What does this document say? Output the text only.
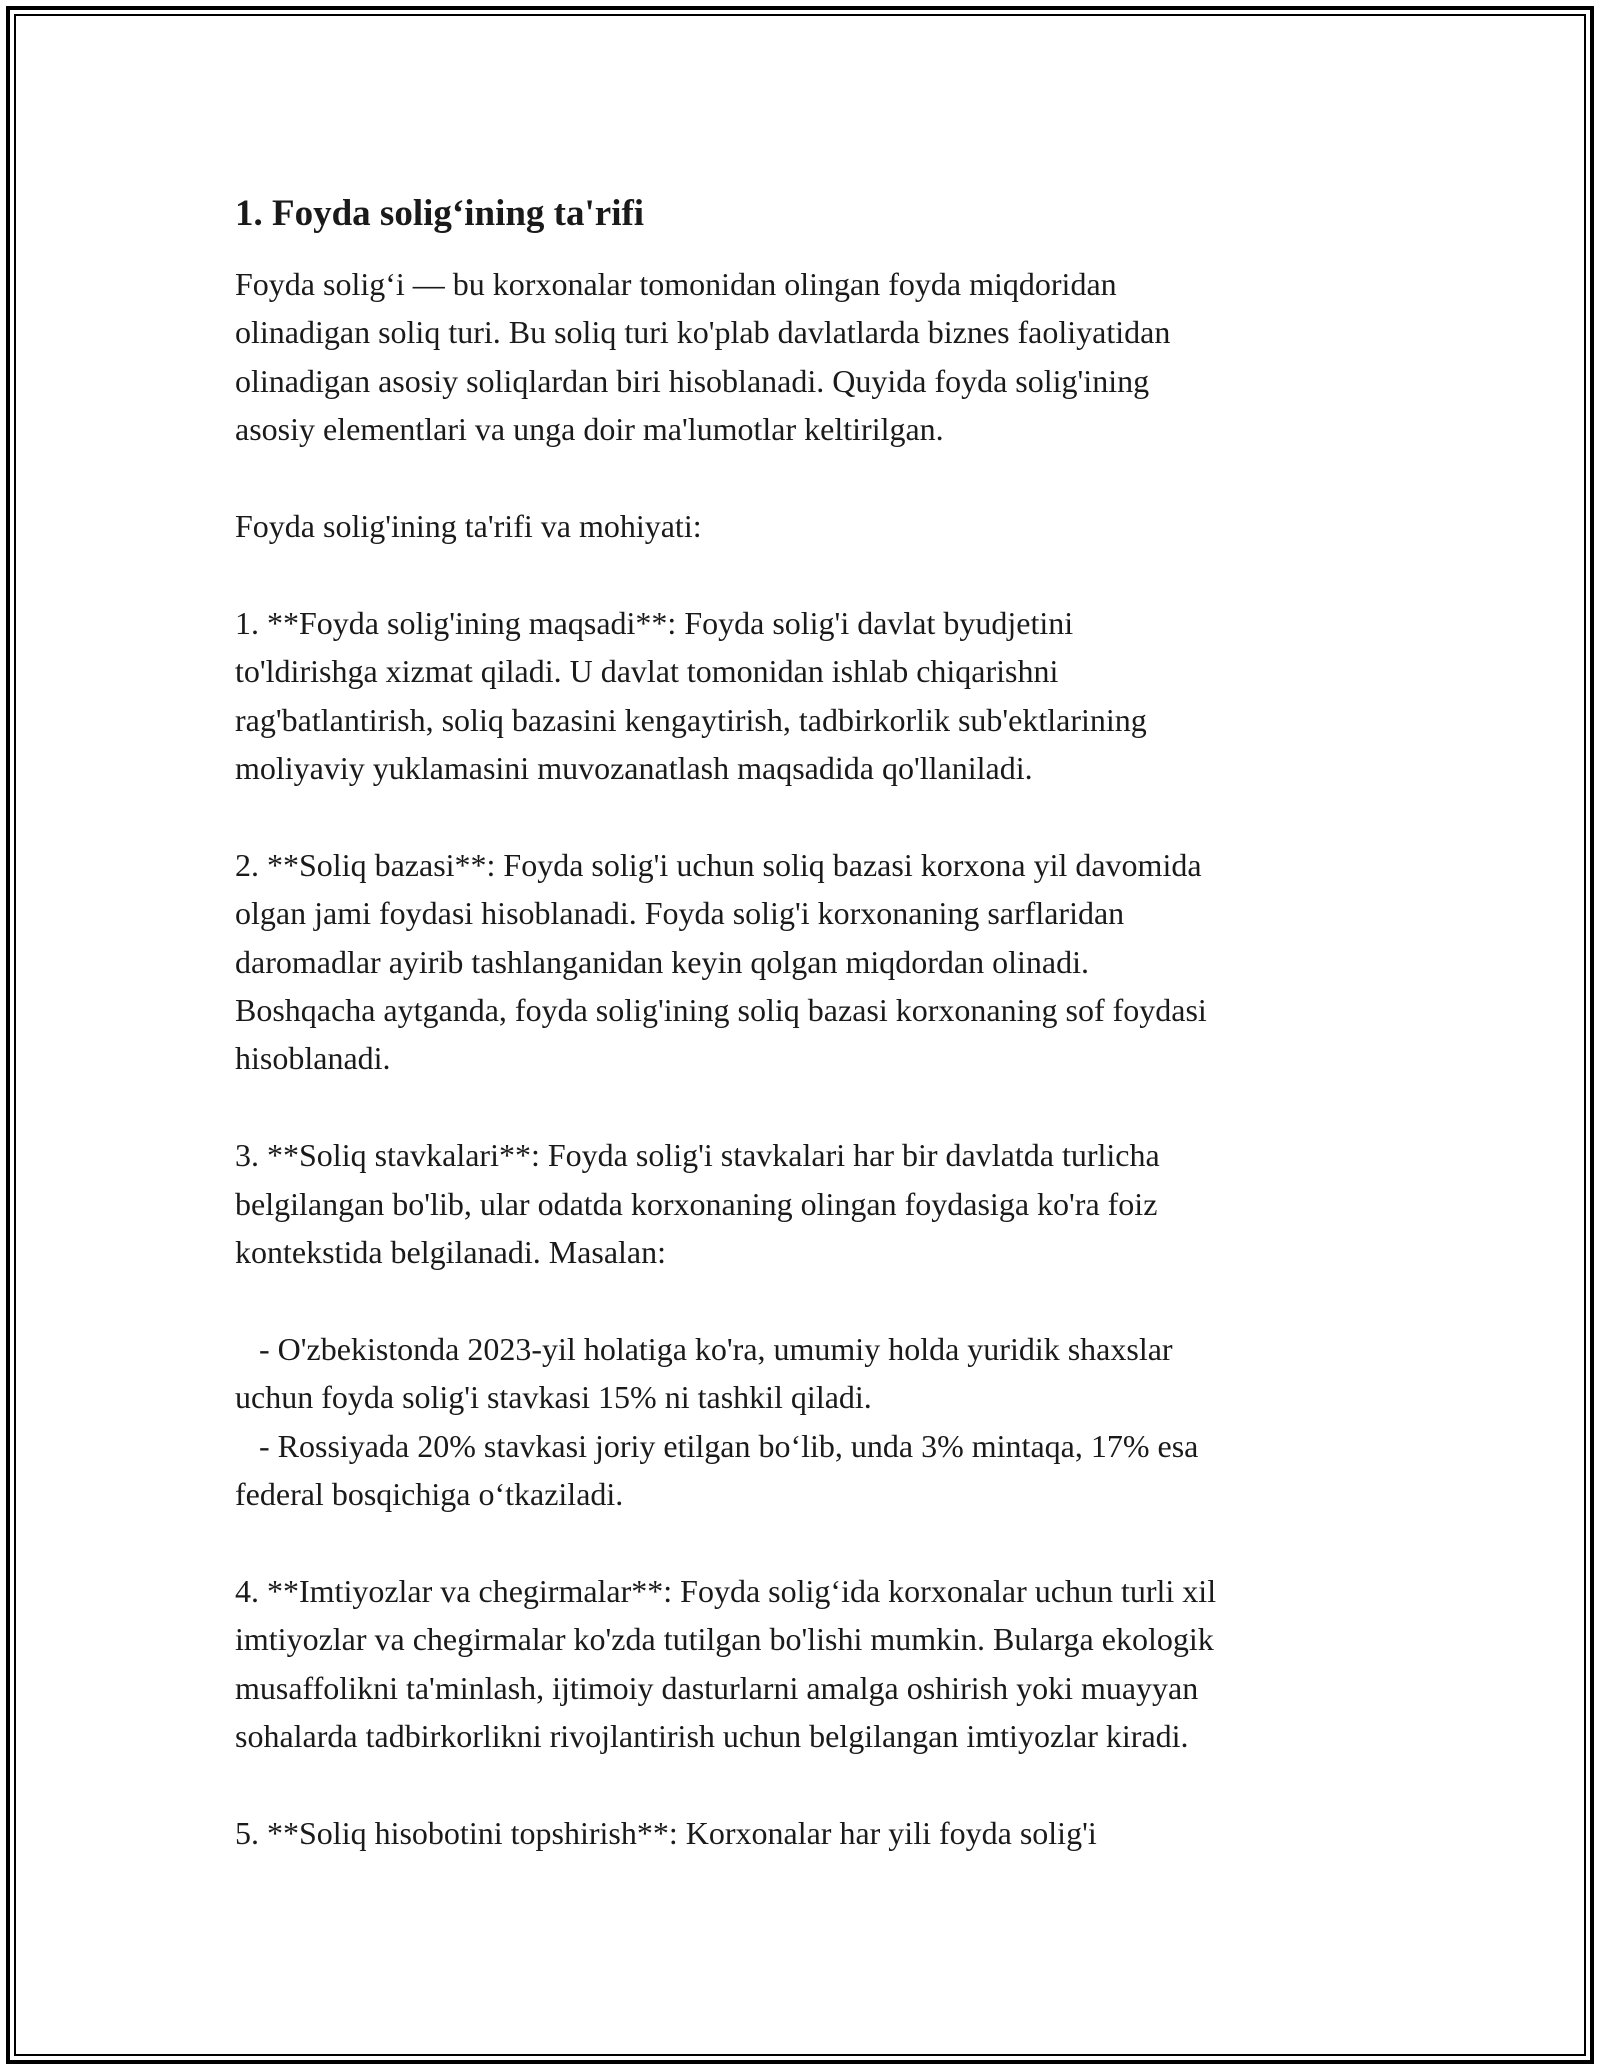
1. Foyda solig‘ining ta'rifi

Foyda solig‘i — bu korxonalar tomonidan olingan foyda miqdoridan
olinadigan soliq turi. Bu soliq turi ko'plab davlatlarda biznes faoliyatidan
olinadigan asosiy soliqlardan biri hisoblanadi. Quyida foyda solig'ining
asosiy elementlari va unga doir ma'lumotlar keltirilgan.

Foyda solig'ining ta'rifi va mohiyati:

1. **Foyda solig'ining maqsadi**: Foyda solig'i davlat byudjetini
to'ldirishga xizmat qiladi. U davlat tomonidan ishlab chiqarishni
rag'batlantirish, soliq bazasini kengaytirish, tadbirkorlik sub'ektlarining
moliyaviy yuklamasini muvozanatlash maqsadida qo'llaniladi.

2. **Soliq bazasi**: Foyda solig'i uchun soliq bazasi korxona yil davomida
olgan jami foydasi hisoblanadi. Foyda solig'i korxonaning sarflaridan
daromadlar ayirib tashlanganidan keyin qolgan miqdordan olinadi.
Boshqacha aytganda, foyda solig'ining soliq bazasi korxonaning sof foydasi
hisoblanadi.

3. **Soliq stavkalari**: Foyda solig'i stavkalari har bir davlatda turlicha
belgilangan bo'lib, ular odatda korxonaning olingan foydasiga ko'ra foiz
kontekstida belgilanadi. Masalan:

- O'zbekistonda 2023-yil holatiga ko'ra, umumiy holda yuridik shaxslar
uchun foyda solig'i stavkasi 15% ni tashkil qiladi.
- Rossiyada 20% stavkasi joriy etilgan bo‘lib, unda 3% mintaqa, 17% esa
federal bosqichiga o‘tkaziladi.

4. **Imtiyozlar va chegirmalar**: Foyda solig‘ida korxonalar uchun turli xil
imtiyozlar va chegirmalar ko'zda tutilgan bo'lishi mumkin. Bularga ekologik
musaffolikni ta'minlash, ijtimoiy dasturlarni amalga oshirish yoki muayyan
sohalarda tadbirkorlikni rivojlantirish uchun belgilangan imtiyozlar kiradi.

5. **Soliq hisobotini topshirish**: Korxonalar har yili foyda solig'i
